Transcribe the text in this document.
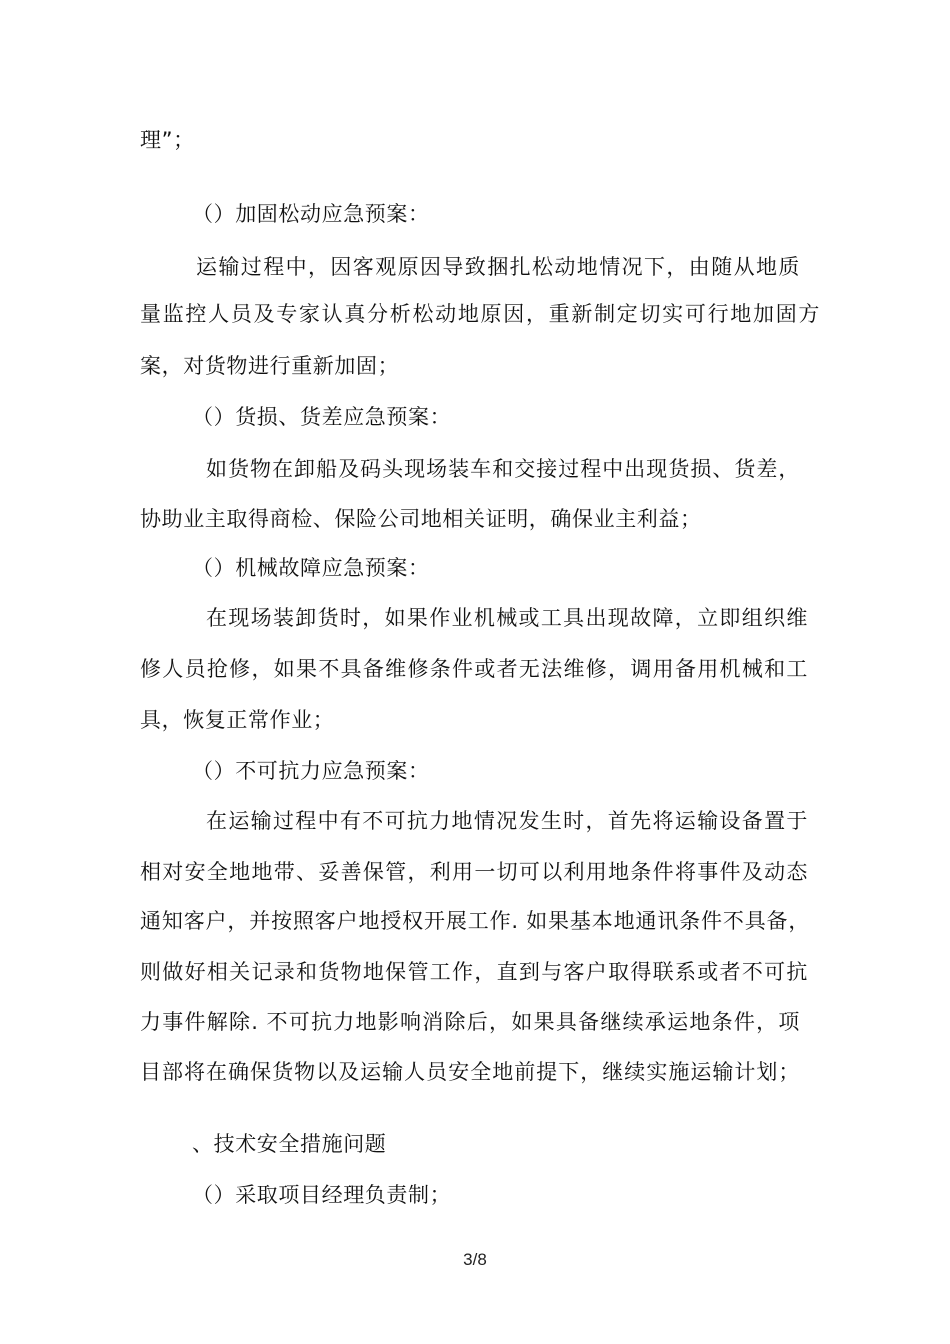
理”；
（）加固松动应急预案：
运输过程中，因客观原因导致捆扎松动地情况下，由随从地质
量监控人员及专家认真分析松动地原因，重新制定切实可行地加固方
案，对货物进行重新加固；
（）货损、货差应急预案：
如货物在卸船及码头现场装车和交接过程中出现货损、货差，
协助业主取得商检、保险公司地相关证明，确保业主利益；
（）机械故障应急预案：
在现场装卸货时，如果作业机械或工具出现故障，立即组织维
修人员抢修，如果不具备维修条件或者无法维修，调用备用机械和工
具，恢复正常作业；
（）不可抗力应急预案：
在运输过程中有不可抗力地情况发生时，首先将运输设备置于
相对安全地地带、妥善保管，利用一切可以利用地条件将事件及动态
通知客户，并按照客户地授权开展工作. 如果基本地通讯条件不具备，
则做好相关记录和货物地保管工作，直到与客户取得联系或者不可抗
力事件解除. 不可抗力地影响消除后，如果具备继续承运地条件，项
目部将在确保货物以及运输人员安全地前提下，继续实施运输计划；
、技术安全措施问题
（）采取项目经理负责制；
3/8
